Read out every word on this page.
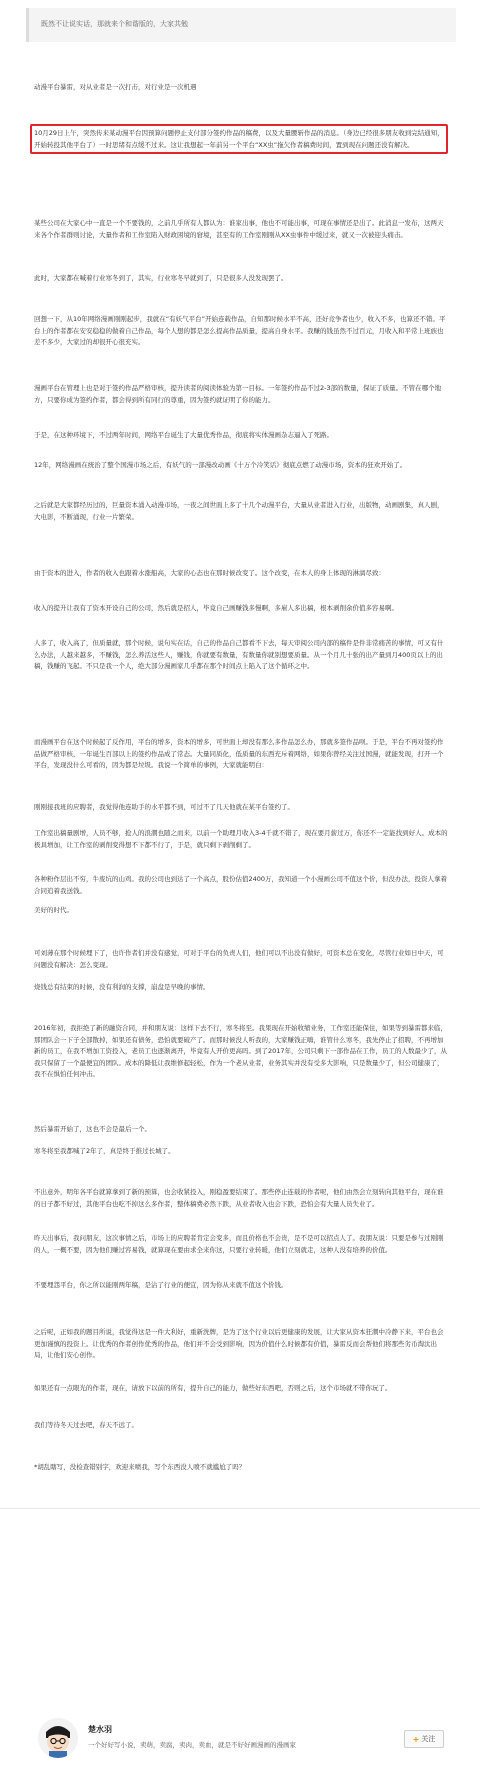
既然不让说实话，那就来个和谐版的，大家共勉

动漫平台暴雷，对从业者是一次打击，对行业是一次机遇

10月29日上午，突然传来某动漫平台因预算问题停止支付部分签约作品的稿费，以及大量腰斩作品的消息。（身边已经很多朋友收到完结通知，开始转投其他平台了）一时思绪有点缓不过来。这让我想起一年前另一个平台“XX虫”拖欠作者稿费时间，置到现在问题还没有解决。

某些公司在大家心中一直是一个不要钱的，之前几乎所有人都认为：谁家出事，他也不可能出事，可现在事情还是出了。此消息一发布，这两天来各个作者群则讨论，大量作者和工作室陷入财政困境的窘境，甚至有的工作室刚刚从XX虫事件中缓过来，就又一次被迎头痛击。

此时，大家都在喊着行业寒冬到了，其实，行业寒冬早就到了，只是很多人没发现罢了。

回想一下，从10年网络漫画刚刚起步，我就在“有妖气平台”开始连载作品，自知那时候水平不高，还好竞争者也少，收入不多，也算还不错。平台上的作者都在安安稳稳的做着自己作品，每个人想的都是怎么提高作品质量，提高自身水平。我赚的钱虽然不过百元，月收入和平常上班族也差不多少，大家过的却很开心很充实。

漫画平台在管理上也是对于签约作品严格审核，提升读者的阅读体验为第一目标。一年签约作品不过2-3部的数量，保证了质量。不管在哪个地方，只要你成为签约作者，都会得到所有同行的尊重，因为签约就证明了你的能力。

于是，在这种环境下，不过两年时间，网络平台诞生了大量优秀作品，彻底将实体漫画杂志逼入了死路。

12年，网络漫画在统治了整个国漫市场之后，有妖气的一部漫改动画《十万个冷笑话》彻底点燃了动漫市场，资本的狂欢开始了。

之后就是大家都经历过的，巨量资本涌入动漫市场，一夜之间世面上多了十几个动漫平台，大量从业者进入行业，出版物，动画剧集，真人剧，大电影，不断涌现，行业一片繁荣。

由于资本的进入，作者的收入也跟着水涨船高，大家的心态也在那时候改变了。这个改变，在本人的身上体现的淋漓尽致：

收入的提升让我有了资本开设自己的公司，然后就是招人，毕竟自己画赚钱多慢啊，多雇人多出稿，根本剥削余价值多容易啊。

人多了，收入高了，但质量就，那个时候，说句实在话，自己的作品自己都看不下去，每天审阅公司内部的稿件是件非常痛苦的事情，可又有什么办法，人越来越多，不赚钱，怎么养活这些人，赚钱，你就要有数量，有数量你就别想要质量。从一个月几十张的出产量到月400页以上的出稿，钱赚的飞起。不只是我一个人，绝大部分漫画家几乎都在那个时间点上陷入了这个循环之中。

而漫画平台在这个时候起了反作用，平台的增多，资本的增多，可世面上却没有那么多作品怎么办，那就多签作品呗。于是，平台不再对签约作品做严格审核，一年诞生百部以上的签约作品成了常态。大量同质化，低质量的东西充斥着网络，如果你曾经关注过国漫，就能发现，打开一个平台，发现没什么可看的，因为都是垃圾。我说一个简单的事例，大家就能明白：

刚刚接我班的应聘者，我觉得他连助手的水平都不到，可过不了几天他就在某平台签约了。

工作室出稿量剧增，人员不够，抢人的浪潮也随之而来，以前一个助理月收入3-4千就不错了，现在要月薪过万，你还不一定能找到好人。成本的极具增加，让工作室的剥削变得想不下都不行了，于是，就只剩下剥削剩了。

各种粉作层出不穷，牛废坑的山鸡。我的公司也到达了一个高点，股份估值2400万，我知道一个小漫画公司不值这个价，但没办法，投资人拿着合同追着我送钱。

美好的时代。

可刘薄在那个时候埋下了，也许作者们并没有感觉，可对于平台的负责人们，他们可以不出没有做好，可资本总在变化，尽管行业如日中天，可问题没有解决：怎么变现。

烧钱总有结束的时候，没有利润的支撑，崩盘是早晚的事情。

2016年初，我拒绝了新的融资合同，并和朋友说：这样下去不行，寒冬将至。我果现在开始收缩业务，工作室还能保住，如果等到暴雷都来临，那团队会一下子全部散掉，如果还有债务，恐怕就要破产了。而那时候没人听我的，大家赚钱正嗨，谁管什么寒冬，我先停止了招聘，不再增加新的员工，在我不增加工资投入，老员工也逐渐离开，毕竟有人开价更高吗。到了2017年，公司只剩下一部作品在工作，员工的人数最少了，从我只保留了一个最便宜的团队。成本的降低让我维修起轻松，作为一个老从业者，业务其实并没有受多大影响，只是数量少了，但公司健康了，我不在惧怕任何冲击。

然后暴雷开始了，这也不会是最后一个。

寒冬将至我都喊了2年了，真是终于推过长城了。

不出意外，明年各平台就算拿到了新的预算，也会收紧投入，刚稳盈要结束了。那些停止连载的作者呢，他们由然会立刻转向其他平台，现在谁的日子都不好过，其他平台也吃不掉这么多作者，整体稿费必然下跌，从业者收入也会下跌，恐怕会有大量人员失业了。

昨天出事后，我问朋友，这次事情之后，市场上的应聘者肯定会变多，而且价格也不会贵，是不是可以招点人了。我朋友说：只要是参与过刚刚的人，一概不要，因为他们赚过容易钱，就算现在要由求全来你这，只要行业转暖，他们立刻就走，这种人没有培养的价值。

不要埋怨平台，你之所以能刚两年稿，是沾了行业的便宜，因为你从来就不值这个价钱。

之后呢，正如我的题目所说，我觉得这是一件大利好，重新洗牌，是为了这个行业以后更健康的发展，让大家从资本狂潮中冷静下来，平台也会更加谨慎的投资上。让优秀的作者创作优秀的作品，他们并不会受到影响，因为价值什么时候都有价值，暴雷反而会帮他们将那些劣币淘汰出局，让他们安心创作。

如果还有一点眼光的作者，现在，请放下以前的所有，提升自己的能力，做些好东西吧，否则之后，这个市场就不带你玩了。

我们等待冬天过去吧，春天不远了。

*胡乱瞎写，没检查错别字，欢迎来喷我，写个东西没人喷不就尴尬了吗？

楚水羽
一个好好写小说，卖萌，卖腐，卖肉，卖血，就是不好好画漫画的漫画家
+ 关注
